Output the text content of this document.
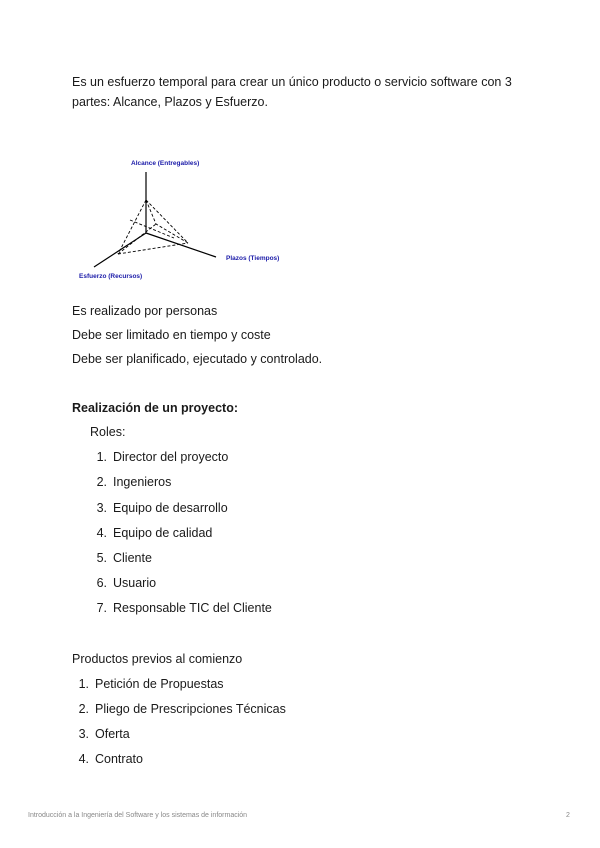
Es un esfuerzo temporal para crear un único producto o servicio software con 3 partes: Alcance, Plazos y Esfuerzo.
Alcance (Entregables)
Plazos (Tiempos)
Esfuerzo (Recursos)
Es realizado por personas
Debe ser limitado en tiempo y coste
Debe ser planificado, ejecutado y controlado.
Realización de un proyecto:
Roles:
1. Director del proyecto
2. Ingenieros
3. Equipo de desarrollo
4. Equipo de calidad
5. Cliente
6. Usuario
7. Responsable TIC del Cliente
Productos previos al comienzo
1. Petición de Propuestas
2. Pliego de Prescripciones Técnicas
3. Oferta
4. Contrato
Introducción a la Ingeniería del Software y los sistemas de información	2
